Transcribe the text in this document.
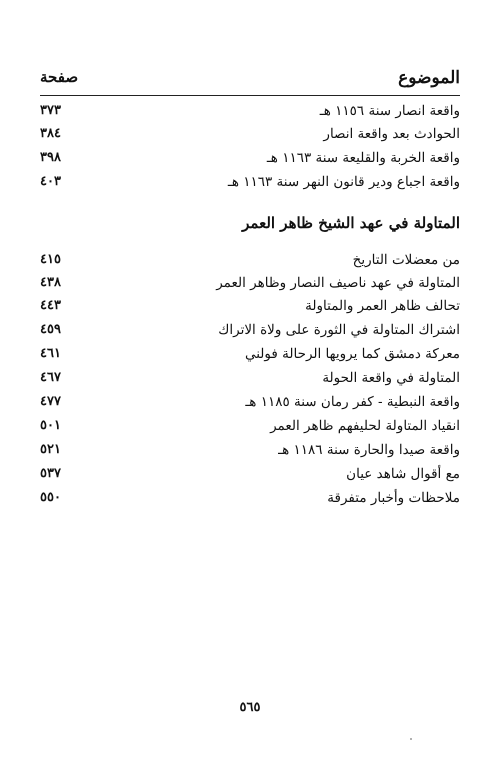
الموضوع
صفحة
واقعة انصار سنة ١١٥٦ هـ
٣٧٣
الحوادث بعد واقعة انصار
٣٨٤
واقعة الخربة والقليعة سنة ١١٦٣ هـ
٣٩٨
واقعة اجباع ودير قانون النهر سنة ١١٦٣ هـ
٤٠٣
المتاولة في عهد الشيخ ظاهر العمر
من معضلات التاريخ
٤١٥
المتاولة في عهد ناصيف النصار وظاهر العمر
٤٣٨
تحالف ظاهر العمر والمتاولة
٤٤٣
اشتراك المتاولة في الثورة على ولاة الاتراك
٤٥٩
معركة دمشق كما يرويها الرحالة فولني
٤٦١
المتاولة في واقعة الحولة
٤٦٧
واقعة النبطية - كفر رمان سنة ١١٨٥ هـ
٤٧٧
انقياد المتاولة لحليفهم ظاهر العمر
٥٠١
واقعة صيدا والحارة سنة ١١٨٦ هـ
٥٢١
مع أقوال شاهد عيان
٥٣٧
ملاحظات وأخبار متفرقة
٥٥٠
٥٦٥
